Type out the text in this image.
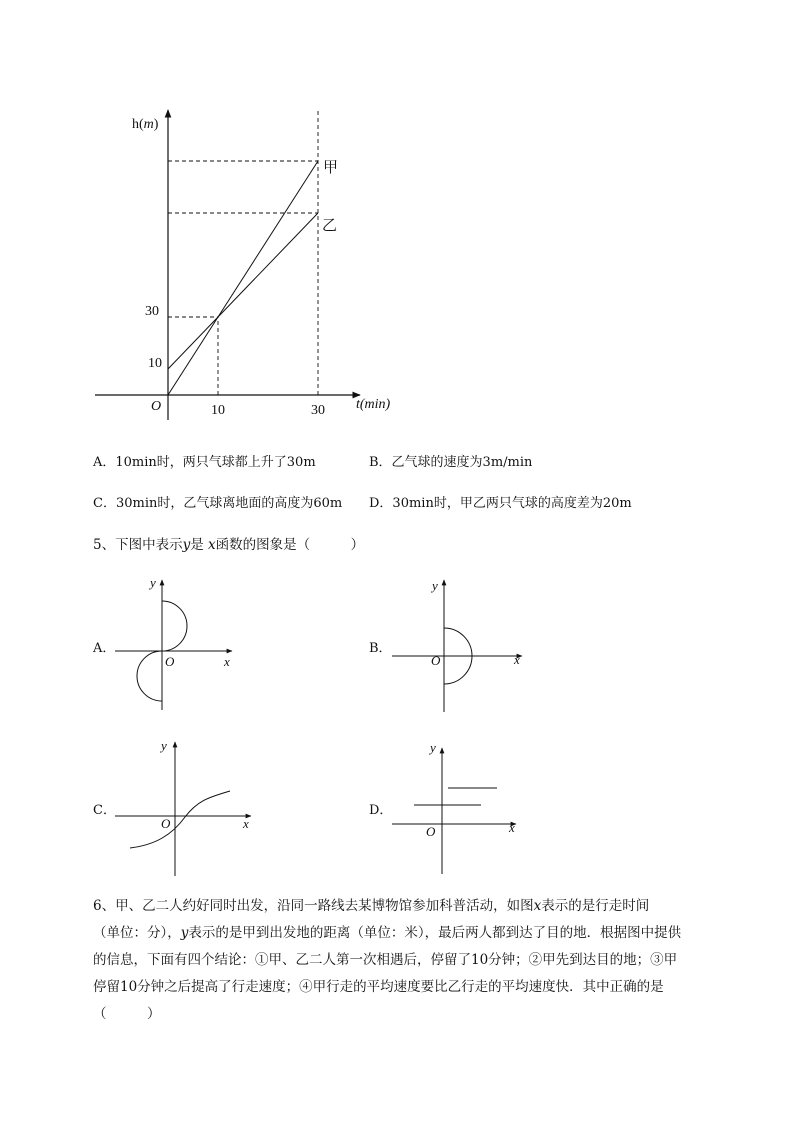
h(m)
t(min)
O	10	30
10
30
甲
乙
A．10min时，两只气球都上升了30m	B．乙气球的速度为3m/min
C．30min时，乙气球离地面的高度为60m D．30min时，甲乙两只气球的高度差为20m
5、下图中表示y是 x函数的图象是（　　　）
A．	B．
C．	D．
y
x
O
y
x
O
y
x
O
y
x
O
6、甲、乙二人约好同时出发，沿同一路线去某博物馆参加科普活动，如图x表示的是行走时间
（单位：分），y表示的是甲到出发地的距离（单位：米），最后两人都到达了目的地．根据图中提供
的信息，下面有四个结论：①甲、乙二人第一次相遇后，停留了10分钟；②甲先到达目的地；③甲
停留10分钟之后提高了行走速度；④甲行走的平均速度要比乙行走的平均速度快．其中正确的是
（　　　）
